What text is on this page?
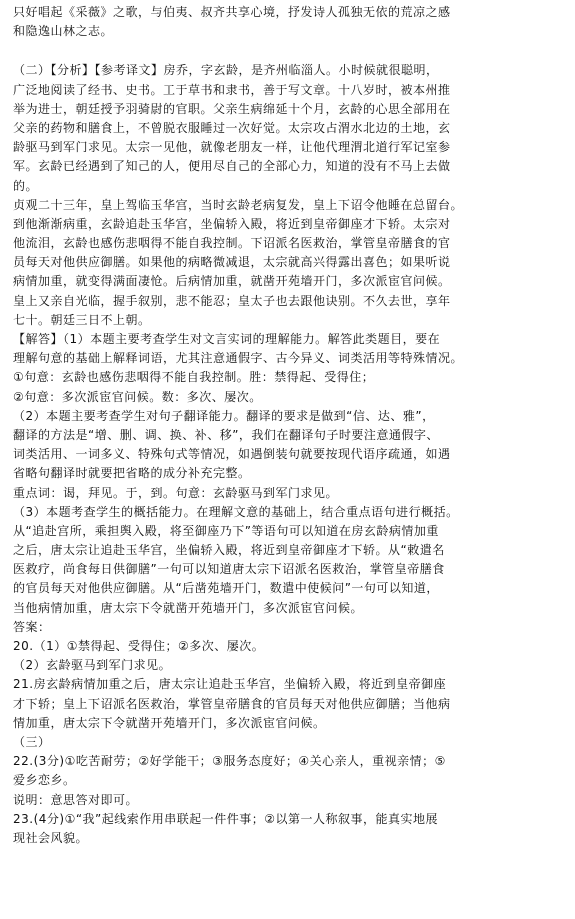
只好唱起《采薇》之歌，与伯夷、叔齐共享心境，抒发诗人孤独无依的荒凉之感
和隐逸山林之志。
（二）【分析】【参考译文】房乔，字玄龄，是齐州临淄人。小时候就很聪明，
广泛地阅读了经书、史书。工于草书和隶书，善于写文章。十八岁时，被本州推
举为进士，朝廷授予羽骑尉的官职。父亲生病绵延十个月，玄龄的心思全部用在
父亲的药物和膳食上，不曾脱衣服睡过一次好觉。太宗攻占渭水北边的土地，玄
龄驱马到军门求见。太宗一见他，就像老朋友一样，让他代理渭北道行军记室参
军。玄龄已经遇到了知己的人，便用尽自己的全部心力，知道的没有不马上去做
的。
贞观二十三年，皇上驾临玉华宫，当时玄龄老病复发，皇上下诏令他睡在总留台。
到他渐渐病重，玄龄追赴玉华宫，坐偏轿入殿，将近到皇帝御座才下轿。太宗对
他流泪，玄龄也感伤悲咽得不能自我控制。下诏派名医救治，掌管皇帝膳食的官
员每天对他供应御膳。如果他的病略微减退，太宗就高兴得露出喜色；如果听说
病情加重，就变得满面凄怆。后病情加重，就凿开苑墙开门，多次派宦官问候。
皇上又亲自光临，握手叙别，悲不能忍；皇太子也去跟他诀别。不久去世，享年
七十。朝廷三日不上朝。
【解答】（1）本题主要考查学生对文言实词的理解能力。解答此类题目，要在
理解句意的基础上解释词语，尤其注意通假字、古今异义、词类活用等特殊情况。
①句意：玄龄也感伤悲咽得不能自我控制。胜：禁得起、受得住；
②句意：多次派宦官问候。数：多次、屡次。
（2）本题主要考查学生对句子翻译能力。翻译的要求是做到“信、达、雅”，
翻译的方法是“增、删、调、换、补、移”，我们在翻译句子时要注意通假字、
词类活用、一词多义、特殊句式等情况，如遇倒装句就要按现代语序疏通，如遇
省略句翻译时就要把省略的成分补充完整。
重点词：谒，拜见。于，到。句意：玄龄驱马到军门求见。
（3）本题考查学生的概括能力。在理解文意的基础上，结合重点语句进行概括。
从“追赴宫所，乘担舆入殿，将至御座乃下”等语句可以知道在房玄龄病情加重
之后，唐太宗让追赴玉华宫，坐偏轿入殿，将近到皇帝御座才下轿。从“敕遣名
医救疗，尚食每日供御膳”一句可以知道唐太宗下诏派名医救治，掌管皇帝膳食
的官员每天对他供应御膳。从“后凿苑墙开门，数遣中使候问”一句可以知道，
当他病情加重，唐太宗下令就凿开苑墙开门，多次派宦官问候。
答案：
20.（1）①禁得起、受得住；②多次、屡次。
（2）玄龄驱马到军门求见。
21.房玄龄病情加重之后，唐太宗让追赴玉华宫，坐偏轿入殿，将近到皇帝御座
才下轿；皇上下诏派名医救治，掌管皇帝膳食的官员每天对他供应御膳；当他病
情加重，唐太宗下令就凿开苑墙开门，多次派宦官问候。
（三）
22.(3分)①吃苦耐劳；②好学能干；③服务态度好；④关心亲人，重视亲情；⑤
爱乡恋乡。
说明：意思答对即可。
23.(4分)①“我”起线索作用串联起一件件事；②以第一人称叙事，能真实地展
现社会风貌。
